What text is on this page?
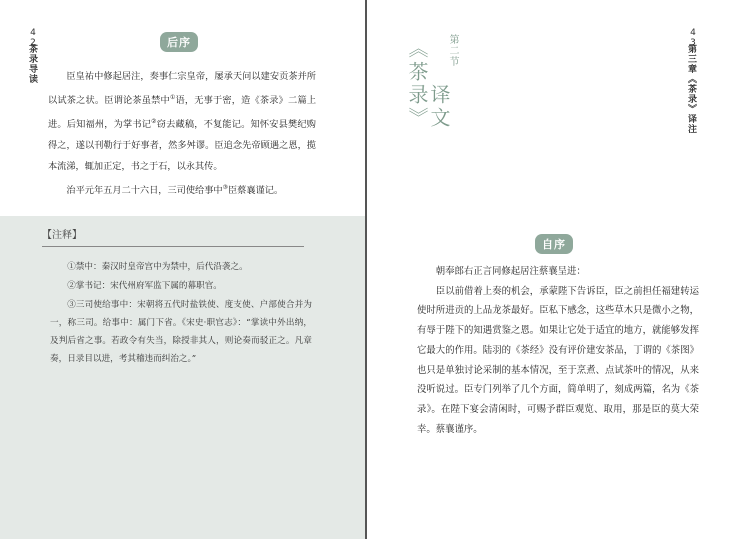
42
茶录导读
后序

臣皇祐中修起居注，奏事仁宗皇帝，屡承天问以建安贡茶并所以试茶之状。臣谓论茶虽禁中①语，无事于密，造《茶录》二篇上进。后知福州，为掌书记②窃去藏稿，不复能记。知怀安县樊纪购得之，遂以刊勒行于好事者，然多舛谬。臣追念先帝顾遇之恩，揽本流涕，辄加正定，书之于石，以永其传。

治平元年五月二十六日，三司使给事中③臣蔡襄谨记。

【注释】

①禁中：秦汉时皇帝宫中为禁中，后代沿袭之。

②掌书记：宋代州府军监下属的幕职官。

③三司使给事中：宋朝将五代时盐铁使、度支使、户部使合并为一，称三司。给事中：属门下省。《宋史·职官志》：“掌读中外出纳，及判后省之事。若政令有失当，除授非其人，则论奏而驳正之。凡章奏，日录目以进，考其稽违而纠治之。”

43
第三章《茶录》译注
第二节
《茶录》
译文
自序

朝奉郎右正言同修起居注蔡襄呈进：

臣以前借着上奏的机会，承蒙陛下告诉臣，臣之前担任福建转运使时所进贡的上品龙茶最好。臣私下感念，这些草木只是微小之物，有辱于陛下的知遇赏鉴之恩。如果让它处于适宜的地方，就能够发挥它最大的作用。陆羽的《茶经》没有评价建安茶品，丁谓的《茶图》也只是单独讨论采制的基本情况，至于烹煮、点试茶叶的情况，从来没听说过。臣专门列举了几个方面，简单明了，刻成两篇，名为《茶录》。在陛下宴会清闲时，可赐予群臣观览、取用，那是臣的莫大荣幸。蔡襄谨序。
